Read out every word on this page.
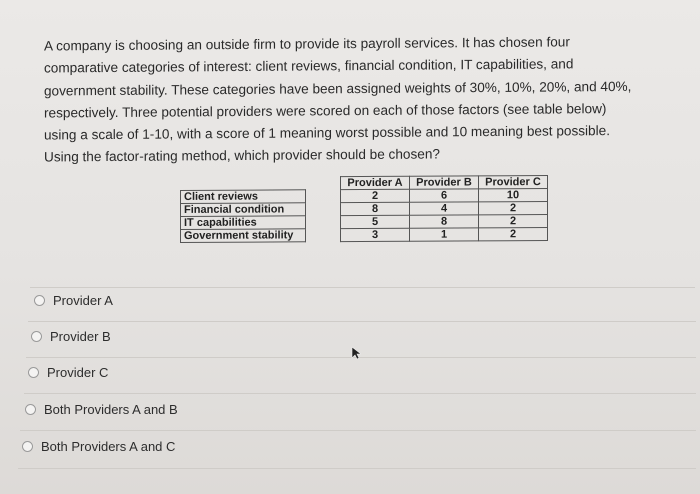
A company is choosing an outside firm to provide its payroll services. It has chosen four

comparative categories of interest: client reviews, financial condition, IT capabilities, and

government stability. These categories have been assigned weights of 30%, 10%, 20%, and 40%,

respectively. Three potential providers were scored on each of those factors (see table below)

using a scale of 1-10, with a score of 1 meaning worst possible and 10 meaning best possible.

Using the factor-rating method, which provider should be chosen?

		Provider A	Provider B	Provider C
Client reviews		2	6	10
Financial condition		8	4	2
IT capabilities		5	8	2
Government stability		3	1	2
Provider A
Provider B
Provider C
Both Providers A and B
Both Providers A and C
